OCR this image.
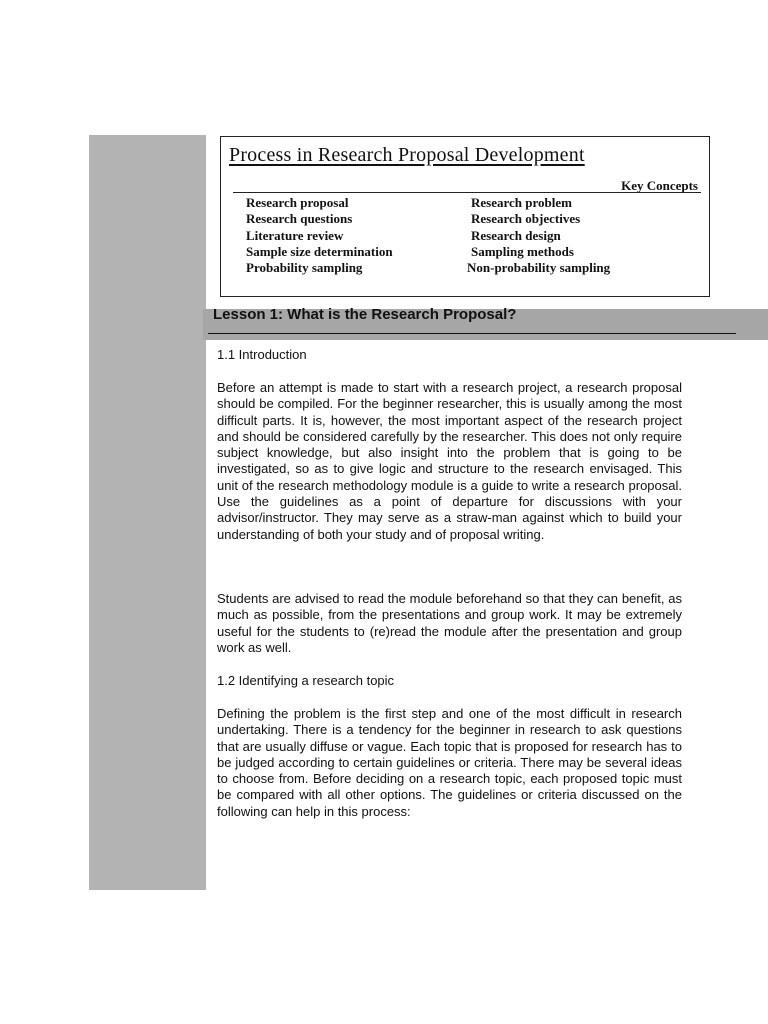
Process in Research Proposal Development
Key Concepts
Research proposal
Research questions
Literature review
Sample size determination
Probability sampling
Research problem
Research objectives
Research design
Sampling methods
Non-probability sampling
Lesson 1: What is the Research Proposal?
1.1 Introduction

Before an attempt is made to start with a research project, a research proposal should be compiled. For the beginner researcher, this is usually among the most difficult parts. It is, however, the most important aspect of the research project and should be considered carefully by the researcher. This does not only require subject knowledge, but also insight into the problem that is going to be investigated, so as to give logic and structure to the research envisaged. This unit of the research methodology module is a guide to write a research proposal. Use the guidelines as a point of departure for discussions with your advisor/instructor. They may serve as a straw-man against which to build your understanding of both your study and of proposal writing.

Students are advised to read the module beforehand so that they can benefit, as much as possible, from the presentations and group work. It may be extremely useful for the students to (re)read the module after the presentation and group work as well.

1.2 Identifying a research topic

Defining the problem is the first step and one of the most difficult in research undertaking. There is a tendency for the beginner in research to ask questions that are usually diffuse or vague. Each topic that is proposed for research has to be judged according to certain guidelines or criteria. There may be several ideas to choose from. Before deciding on a research topic, each proposed topic must be compared with all other options. The guidelines or criteria discussed on the following can help in this process:
